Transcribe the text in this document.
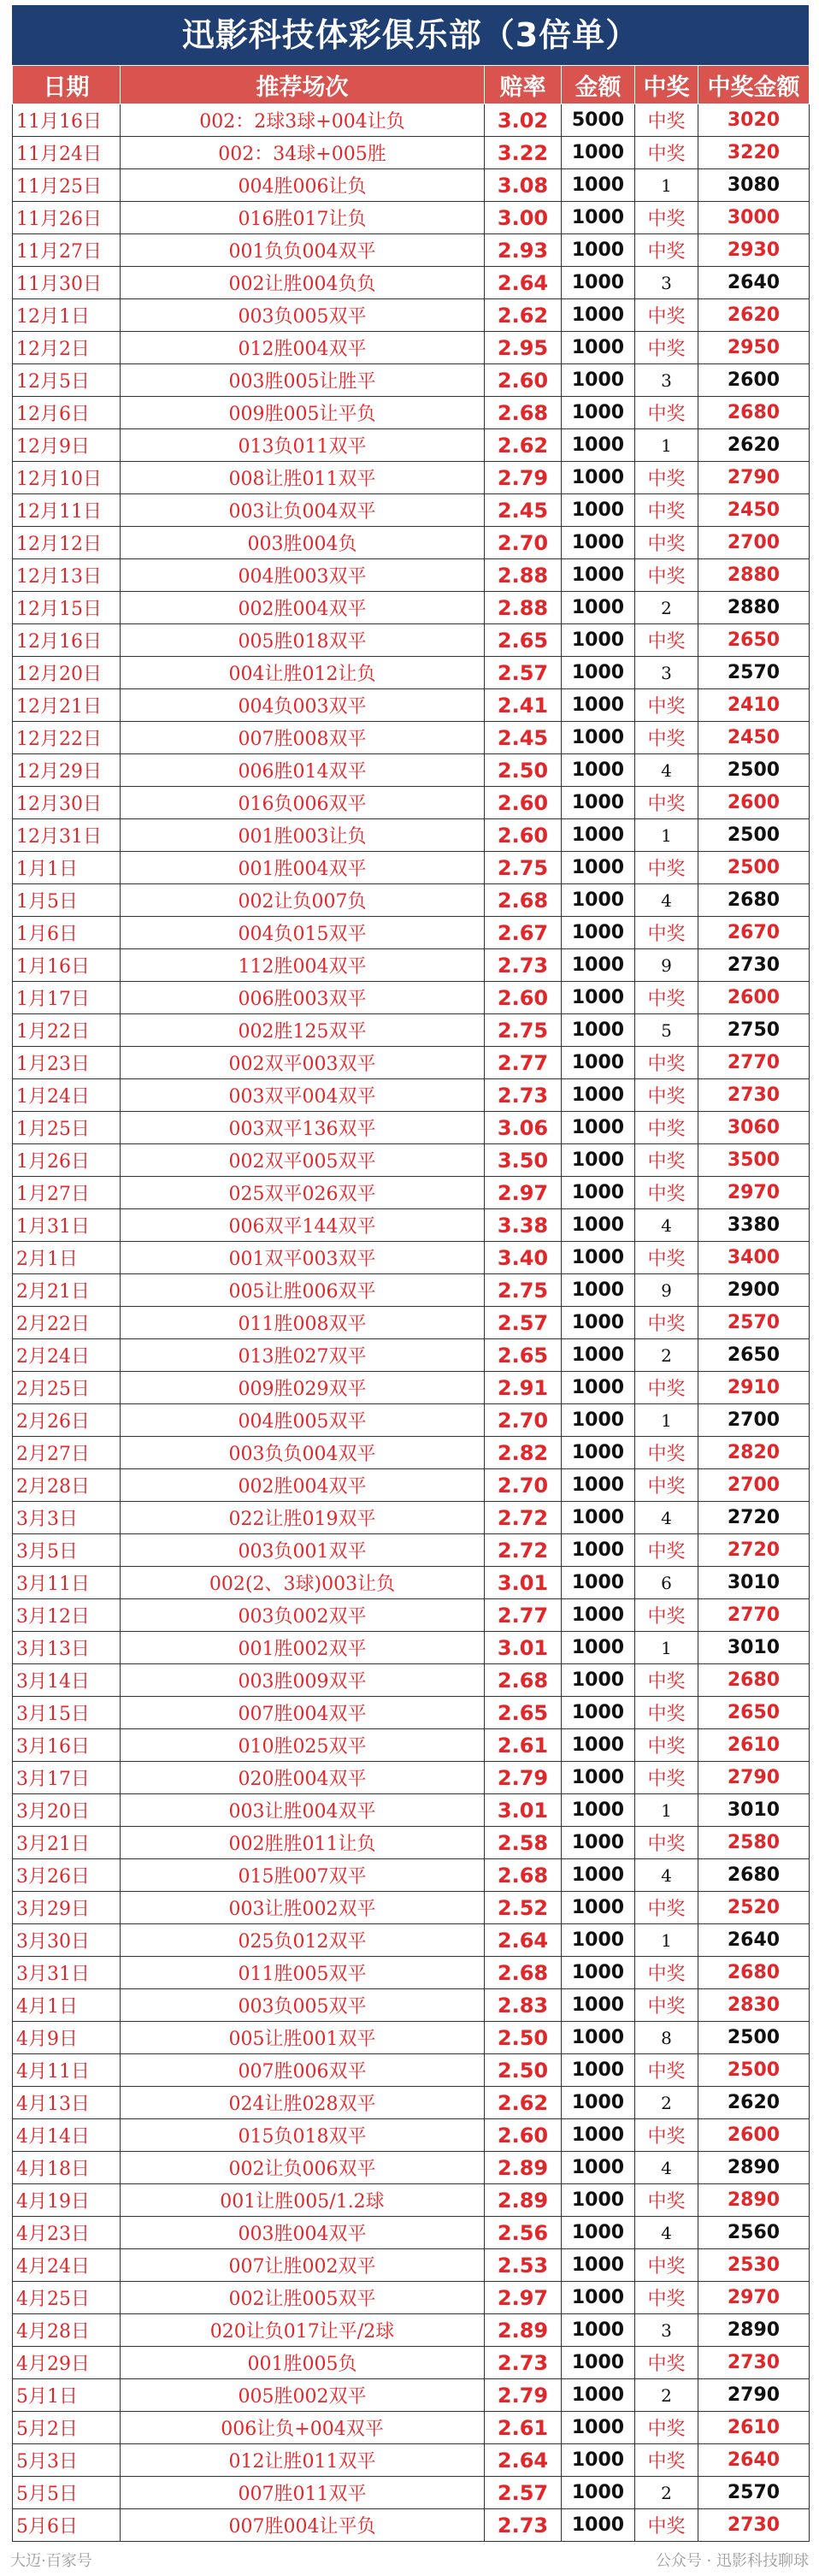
迅影科技体彩俱乐部（3倍单）
日期	推荐场次	赔率	金额	中奖	中奖金额
11月16日	002：2球3球+004让负	3.02	5000	中奖	3020
11月24日	002：34球+005胜	3.22	1000	中奖	3220
11月25日	004胜006让负	3.08	1000	1	3080
11月26日	016胜017让负	3.00	1000	中奖	3000
11月27日	001负负004双平	2.93	1000	中奖	2930
11月30日	002让胜004负负	2.64	1000	3	2640
12月1日	003负005双平	2.62	1000	中奖	2620
12月2日	012胜004双平	2.95	1000	中奖	2950
12月5日	003胜005让胜平	2.60	1000	3	2600
12月6日	009胜005让平负	2.68	1000	中奖	2680
12月9日	013负011双平	2.62	1000	1	2620
12月10日	008让胜011双平	2.79	1000	中奖	2790
12月11日	003让负004双平	2.45	1000	中奖	2450
12月12日	003胜004负	2.70	1000	中奖	2700
12月13日	004胜003双平	2.88	1000	中奖	2880
12月15日	002胜004双平	2.88	1000	2	2880
12月16日	005胜018双平	2.65	1000	中奖	2650
12月20日	004让胜012让负	2.57	1000	3	2570
12月21日	004负003双平	2.41	1000	中奖	2410
12月22日	007胜008双平	2.45	1000	中奖	2450
12月29日	006胜014双平	2.50	1000	4	2500
12月30日	016负006双平	2.60	1000	中奖	2600
12月31日	001胜003让负	2.60	1000	1	2500
1月1日	001胜004双平	2.75	1000	中奖	2500
1月5日	002让负007负	2.68	1000	4	2680
1月6日	004负015双平	2.67	1000	中奖	2670
1月16日	112胜004双平	2.73	1000	9	2730
1月17日	006胜003双平	2.60	1000	中奖	2600
1月22日	002胜125双平	2.75	1000	5	2750
1月23日	002双平003双平	2.77	1000	中奖	2770
1月24日	003双平004双平	2.73	1000	中奖	2730
1月25日	003双平136双平	3.06	1000	中奖	3060
1月26日	002双平005双平	3.50	1000	中奖	3500
1月27日	025双平026双平	2.97	1000	中奖	2970
1月31日	006双平144双平	3.38	1000	4	3380
2月1日	001双平003双平	3.40	1000	中奖	3400
2月21日	005让胜006双平	2.75	1000	9	2900
2月22日	011胜008双平	2.57	1000	中奖	2570
2月24日	013胜027双平	2.65	1000	2	2650
2月25日	009胜029双平	2.91	1000	中奖	2910
2月26日	004胜005双平	2.70	1000	1	2700
2月27日	003负负004双平	2.82	1000	中奖	2820
2月28日	002胜004双平	2.70	1000	中奖	2700
3月3日	022让胜019双平	2.72	1000	4	2720
3月5日	003负001双平	2.72	1000	中奖	2720
3月11日	002(2、3球)003让负	3.01	1000	6	3010
3月12日	003负002双平	2.77	1000	中奖	2770
3月13日	001胜002双平	3.01	1000	1	3010
3月14日	003胜009双平	2.68	1000	中奖	2680
3月15日	007胜004双平	2.65	1000	中奖	2650
3月16日	010胜025双平	2.61	1000	中奖	2610
3月17日	020胜004双平	2.79	1000	中奖	2790
3月20日	003让胜004双平	3.01	1000	1	3010
3月21日	002胜胜011让负	2.58	1000	中奖	2580
3月26日	015胜007双平	2.68	1000	4	2680
3月29日	003让胜002双平	2.52	1000	中奖	2520
3月30日	025负012双平	2.64	1000	1	2640
3月31日	011胜005双平	2.68	1000	中奖	2680
4月1日	003负005双平	2.83	1000	中奖	2830
4月9日	005让胜001双平	2.50	1000	8	2500
4月11日	007胜006双平	2.50	1000	中奖	2500
4月13日	024让胜028双平	2.62	1000	2	2620
4月14日	015负018双平	2.60	1000	中奖	2600
4月18日	002让负006双平	2.89	1000	4	2890
4月19日	001让胜005/1.2球	2.89	1000	中奖	2890
4月23日	003胜004双平	2.56	1000	4	2560
4月24日	007让胜002双平	2.53	1000	中奖	2530
4月25日	002让胜005双平	2.97	1000	中奖	2970
4月28日	020让负017让平/2球	2.89	1000	3	2890
4月29日	001胜005负	2.73	1000	中奖	2730
5月1日	005胜002双平	2.79	1000	2	2790
5月2日	006让负+004双平	2.61	1000	中奖	2610
5月3日	012让胜011双平	2.64	1000	中奖	2640
5月5日	007胜011双平	2.57	1000	2	2570
5月6日	007胜004让平负	2.73	1000	中奖	2730
大迈·百家号	公众号 · 迅影科技聊球
